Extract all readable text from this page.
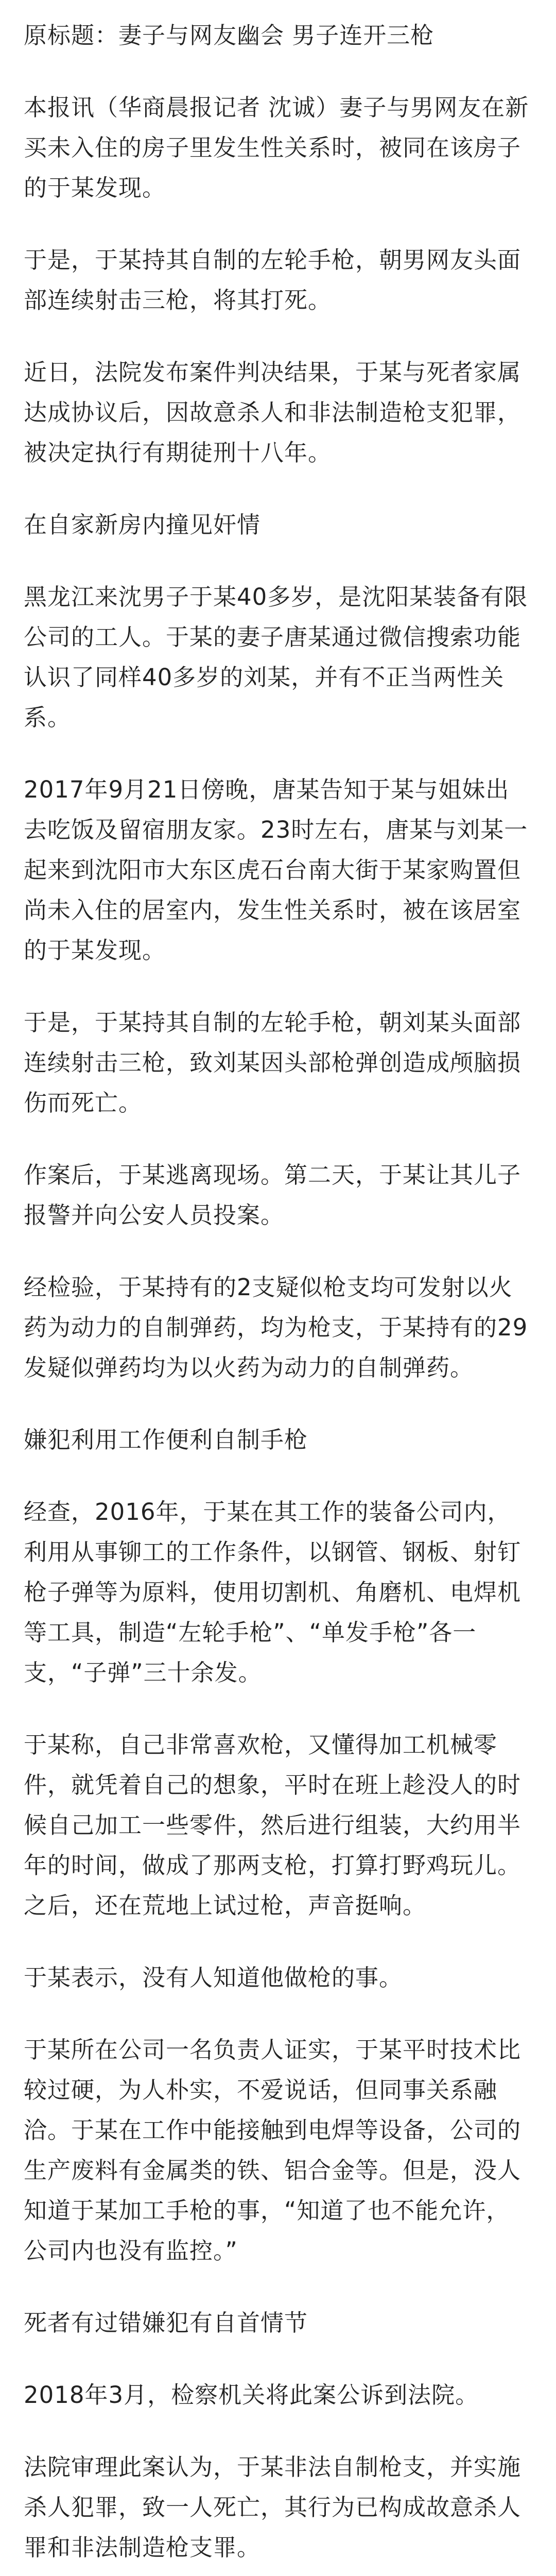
原标题：妻子与网友幽会 男子连开三枪

本报讯（华商晨报记者 沈诚）妻子与男网友在新买未入住的房子里发生性关系时，被同在该房子的于某发现。

于是，于某持其自制的左轮手枪，朝男网友头面部连续射击三枪，将其打死。

近日，法院发布案件判决结果，于某与死者家属达成协议后，因故意杀人和非法制造枪支犯罪，被决定执行有期徒刑十八年。

在自家新房内撞见奸情

黑龙江来沈男子于某40多岁，是沈阳某装备有限公司的工人。于某的妻子唐某通过微信搜索功能认识了同样40多岁的刘某，并有不正当两性关系。

2017年9月21日傍晚，唐某告知于某与姐妹出去吃饭及留宿朋友家。23时左右，唐某与刘某一起来到沈阳市大东区虎石台南大街于某家购置但尚未入住的居室内，发生性关系时，被在该居室的于某发现。

于是，于某持其自制的左轮手枪，朝刘某头面部连续射击三枪，致刘某因头部枪弹创造成颅脑损伤而死亡。

作案后，于某逃离现场。第二天，于某让其儿子报警并向公安人员投案。

经检验，于某持有的2支疑似枪支均可发射以火药为动力的自制弹药，均为枪支，于某持有的29发疑似弹药均为以火药为动力的自制弹药。

嫌犯利用工作便利自制手枪

经查，2016年，于某在其工作的装备公司内，利用从事铆工的工作条件，以钢管、钢板、射钉枪子弹等为原料，使用切割机、角磨机、电焊机等工具，制造“左轮手枪”、“单发手枪”各一支，“子弹”三十余发。

于某称，自己非常喜欢枪，又懂得加工机械零件，就凭着自己的想象，平时在班上趁没人的时候自己加工一些零件，然后进行组装，大约用半年的时间，做成了那两支枪，打算打野鸡玩儿。之后，还在荒地上试过枪，声音挺响。

于某表示，没有人知道他做枪的事。

于某所在公司一名负责人证实，于某平时技术比较过硬，为人朴实，不爱说话，但同事关系融洽。于某在工作中能接触到电焊等设备，公司的生产废料有金属类的铁、铝合金等。但是，没人知道于某加工手枪的事，“知道了也不能允许，公司内也没有监控。”

死者有过错嫌犯有自首情节

2018年3月，检察机关将此案公诉到法院。

法院审理此案认为，于某非法自制枪支，并实施杀人犯罪，致一人死亡，其行为已构成故意杀人罪和非法制造枪支罪。
